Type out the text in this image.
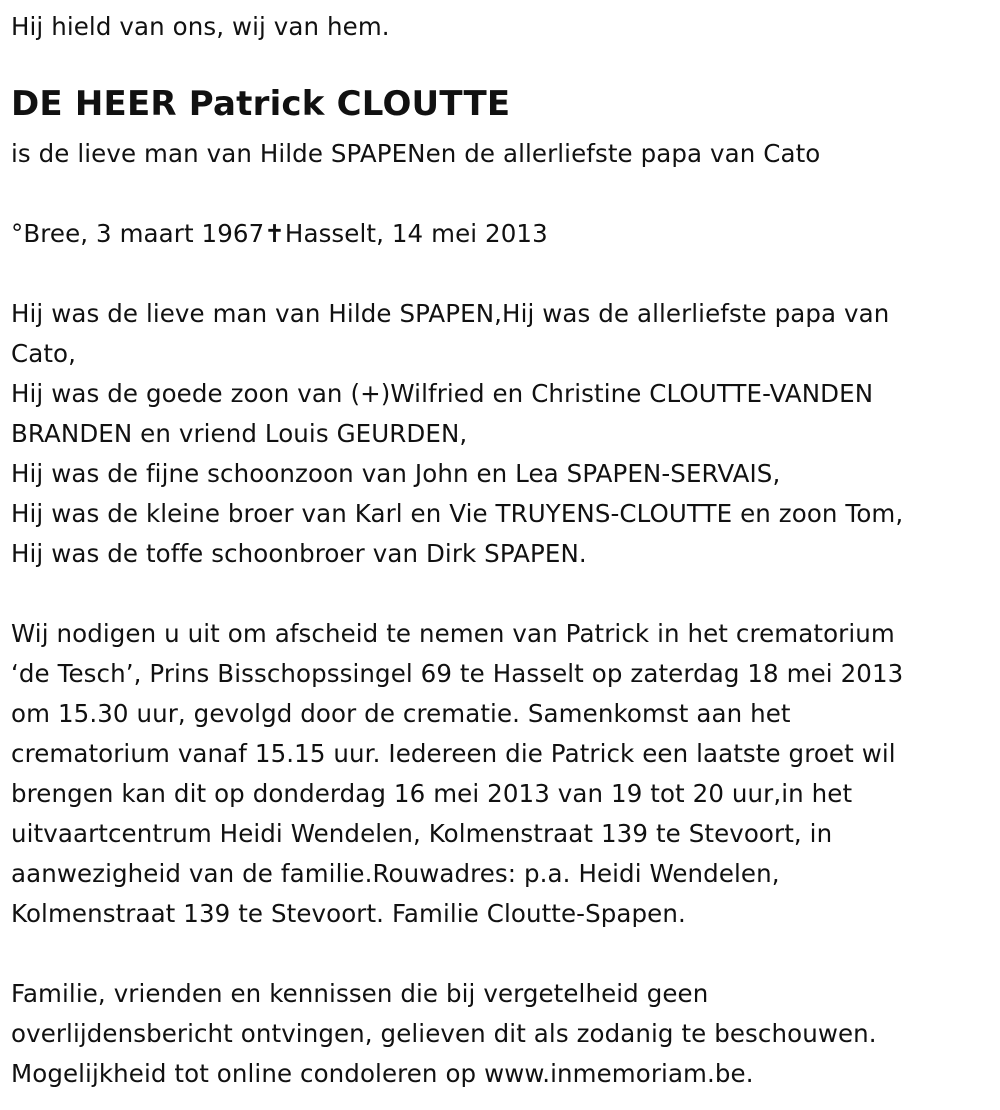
Hij hield van ons, wij van hem.
DE HEER Patrick CLOUTTE
is de lieve man van Hilde SPAPENen de allerliefste papa van Cato
°Bree, 3 maart 1967✝Hasselt, 14 mei 2013
Hij was de lieve man van Hilde SPAPEN,Hij was de allerliefste papa van
Cato,
Hij was de goede zoon van (+)Wilfried en Christine CLOUTTE-VANDEN
BRANDEN en vriend Louis GEURDEN,
Hij was de fijne schoonzoon van John en Lea SPAPEN-SERVAIS,
Hij was de kleine broer van Karl en Vie TRUYENS-CLOUTTE en zoon Tom,
Hij was de toffe schoonbroer van Dirk SPAPEN.
Wij nodigen u uit om afscheid te nemen van Patrick in het crematorium
‘de Tesch’, Prins Bisschopssingel 69 te Hasselt op zaterdag 18 mei 2013
om 15.30 uur, gevolgd door de crematie. Samenkomst aan het
crematorium vanaf 15.15 uur. Iedereen die Patrick een laatste groet wil
brengen kan dit op donderdag 16 mei 2013 van 19 tot 20 uur,in het
uitvaartcentrum Heidi Wendelen, Kolmenstraat 139 te Stevoort, in
aanwezigheid van de familie.Rouwadres: p.a. Heidi Wendelen,
Kolmenstraat 139 te Stevoort. Familie Cloutte-Spapen.
Familie, vrienden en kennissen die bij vergetelheid geen
overlijdensbericht ontvingen, gelieven dit als zodanig te beschouwen.
Mogelijkheid tot online condoleren op www.inmemoriam.be.
